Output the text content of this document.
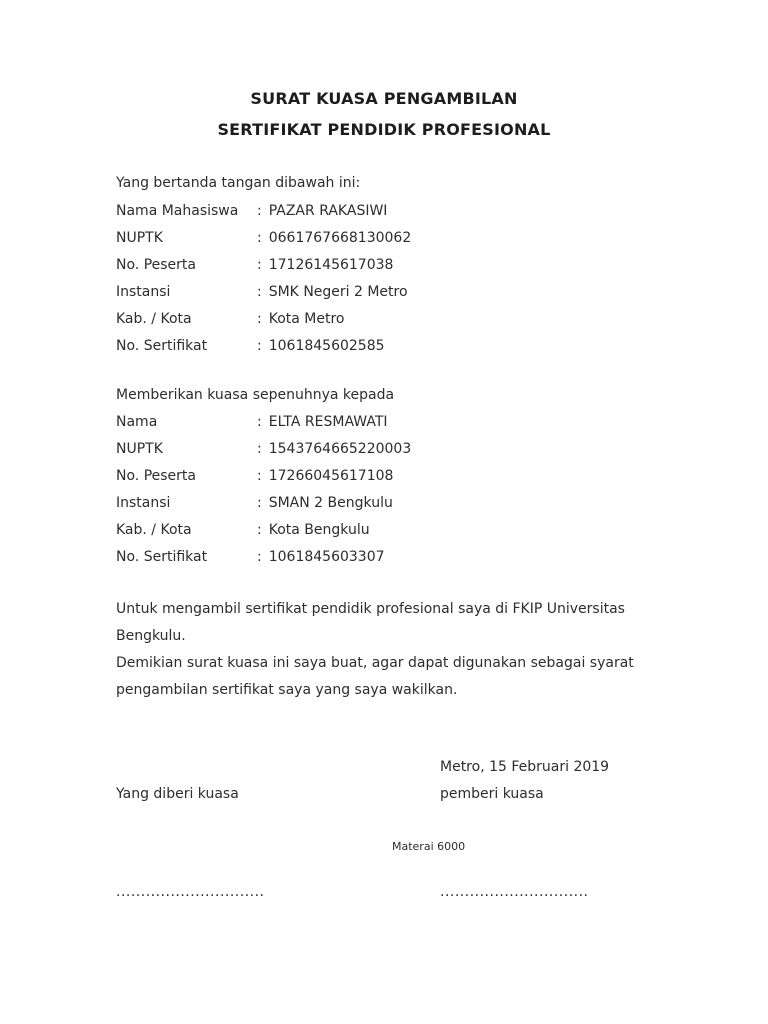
SURAT KUASA PENGAMBILAN
SERTIFIKAT PENDIDIK PROFESIONAL
Yang bertanda tangan dibawah ini:
Nama Mahasiswa	: PAZAR RAKASIWI
NUPTK	: 0661767668130062
No. Peserta	: 17126145617038
Instansi	: SMK Negeri 2 Metro
Kab. / Kota	: Kota Metro
No. Sertifikat	: 1061845602585
Memberikan kuasa sepenuhnya kepada
Nama	: ELTA RESMAWATI
NUPTK	: 1543764665220003
No. Peserta	: 17266045617108
Instansi	: SMAN 2 Bengkulu
Kab. / Kota	: Kota Bengkulu
No. Sertifikat	: 1061845603307
Untuk mengambil sertifikat pendidik profesional saya di FKIP Universitas
Bengkulu.
Demikian surat kuasa ini saya buat, agar dapat digunakan sebagai syarat
pengambilan sertifikat saya yang saya wakilkan.
Metro, 15 Februari 2019
Yang diberi kuasa	pemberi kuasa
Materai 6000
..............................	..............................
